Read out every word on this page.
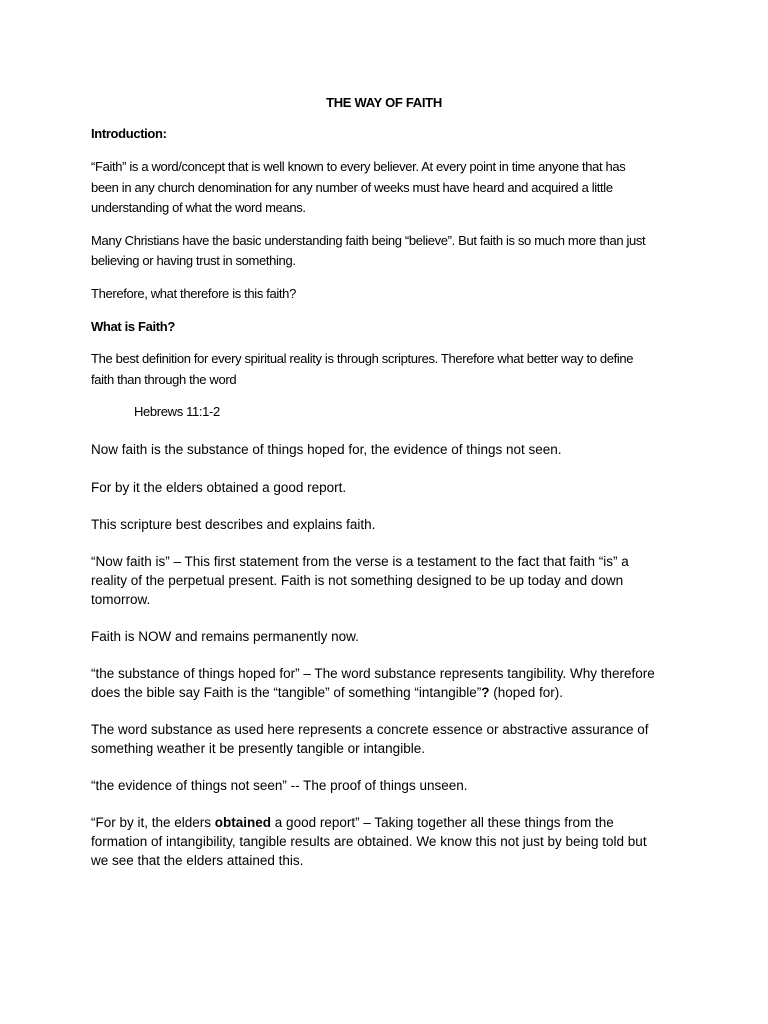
THE WAY OF FAITH
Introduction:
“Faith” is a word/concept that is well known to every believer. At every point in time anyone that has
been in any church denomination for any number of weeks must have heard and acquired a little
understanding of what the word means.
Many Christians have the basic understanding faith being “believe”. But faith is so much more than just
believing or having trust in something.
Therefore, what therefore is this faith?
What is Faith?
The best definition for every spiritual reality is through scriptures. Therefore what better way to define
faith than through the word
Hebrews 11:1-2
Now faith is the substance of things hoped for, the evidence of things not seen.
For by it the elders obtained a good report.
This scripture best describes and explains faith.
“Now faith is” – This first statement from the verse is a testament to the fact that faith “is” a
reality of the perpetual present. Faith is not something designed to be up today and down
tomorrow.
Faith is NOW and remains permanently now.
“the substance of things hoped for” – The word substance represents tangibility. Why therefore
does the bible say Faith is the “tangible” of something “intangible”? (hoped for).
The word substance as used here represents a concrete essence or abstractive assurance of
something weather it be presently tangible or intangible.
“the evidence of things not seen” -- The proof of things unseen.
“For by it, the elders obtained a good report” – Taking together all these things from the
formation of intangibility, tangible results are obtained. We know this not just by being told but
we see that the elders attained this.
